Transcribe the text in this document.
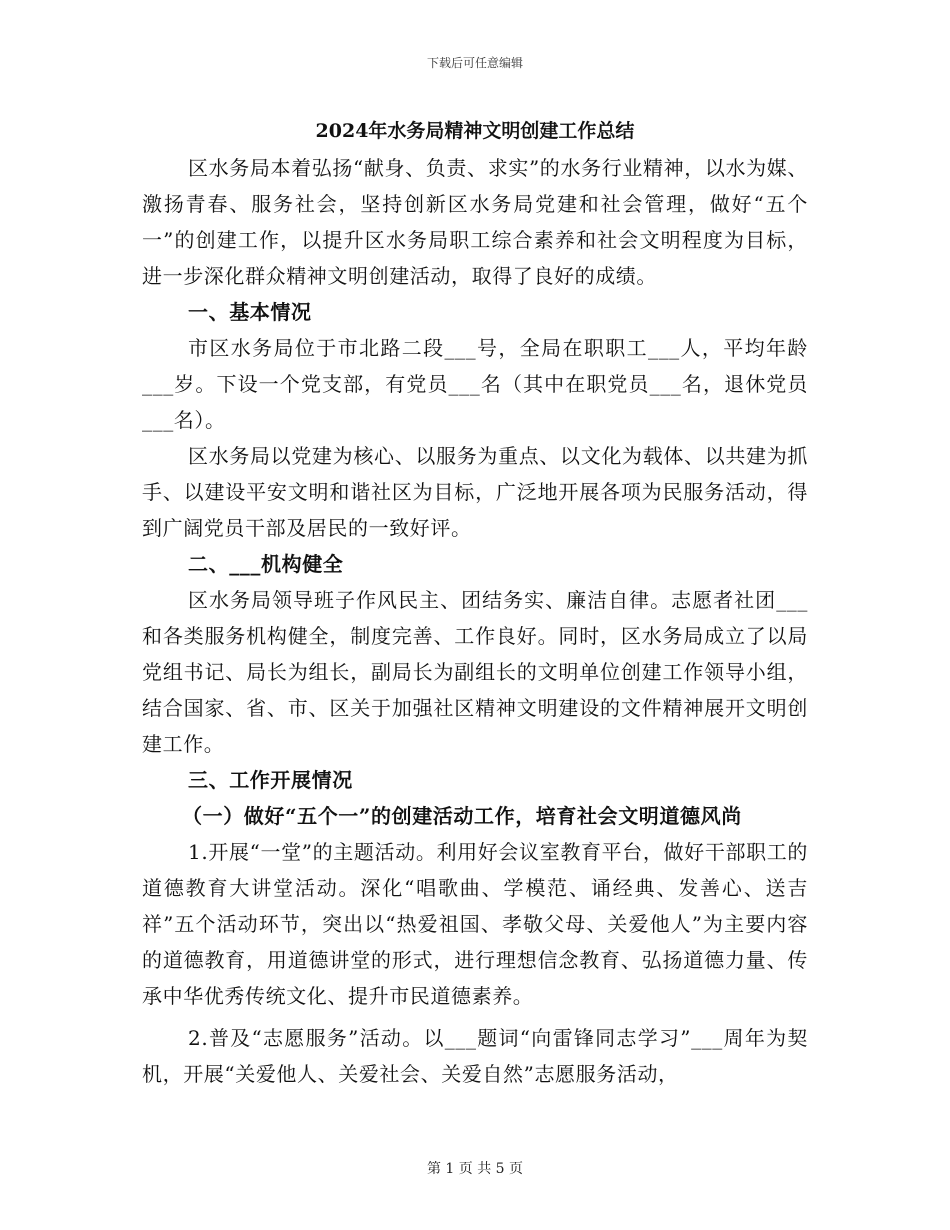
下载后可任意编辑
2024年水务局精神文明创建工作总结

区水务局本着弘扬“献身、负责、求实”的水务行业精神，以水为媒、激扬青春、服务社会，坚持创新区水务局党建和社会管理，做好“五个一”的创建工作，以提升区水务局职工综合素养和社会文明程度为目标，进一步深化群众精神文明创建活动，取得了良好的成绩。

一、基本情况

市区水务局位于市北路二段___号，全局在职职工___人，平均年龄___岁。下设一个党支部，有党员___名（其中在职党员___名，退休党员___名）。

区水务局以党建为核心、以服务为重点、以文化为载体、以共建为抓手、以建设平安文明和谐社区为目标，广泛地开展各项为民服务活动，得到广阔党员干部及居民的一致好评。

二、___机构健全

区水务局领导班子作风民主、团结务实、廉洁自律。志愿者社团___和各类服务机构健全，制度完善、工作良好。同时，区水务局成立了以局党组书记、局长为组长，副局长为副组长的文明单位创建工作领导小组，结合国家、省、市、区关于加强社区精神文明建设的文件精神展开文明创建工作。

三、工作开展情况

（一）做好“五个一”的创建活动工作，培育社会文明道德风尚

1.开展“一堂”的主题活动。利用好会议室教育平台，做好干部职工的道德教育大讲堂活动。深化“唱歌曲、学模范、诵经典、发善心、送吉祥”五个活动环节，突出以“热爱祖国、孝敬父母、关爱他人”为主要内容的道德教育，用道德讲堂的形式，进行理想信念教育、弘扬道德力量、传承中华优秀传统文化、提升市民道德素养。

2.普及“志愿服务”活动。以___题词“向雷锋同志学习”___周年为契机，开展“关爱他人、关爱社会、关爱自然”志愿服务活动，

第 1 页 共 5 页
